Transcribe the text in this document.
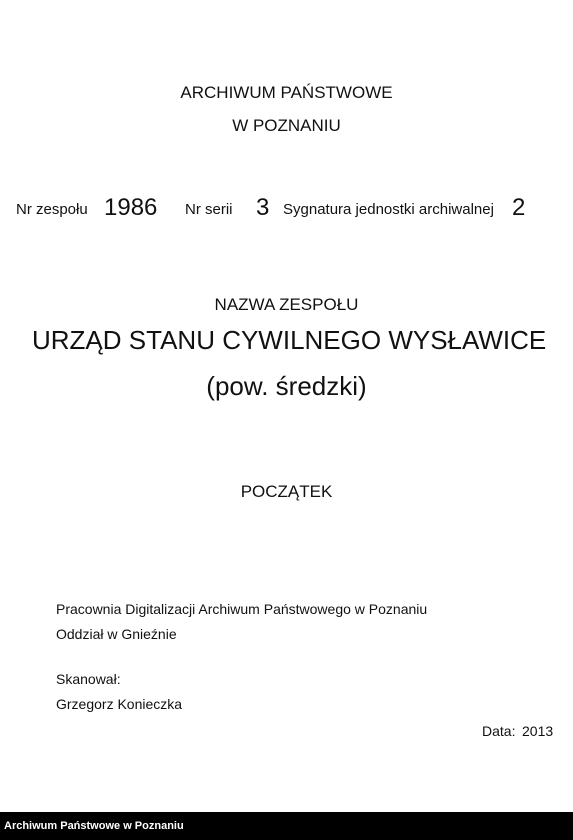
ARCHIWUM PAŃSTWOWE
W POZNANIU
Nr zespołu 1986 Nr serii 3 Sygnatura jednostki archiwalnej 2
NAZWA ZESPOŁU
URZĄD STANU CYWILNEGO WYSŁAWICE
(pow. średzki)
POCZĄTEK
Pracownia Digitalizacji Archiwum Państwowego w Poznaniu
Oddział w Gnieźnie
Skanował:
Grzegorz Konieczka
Data: 2013
Archiwum Państwowe w Poznaniu
